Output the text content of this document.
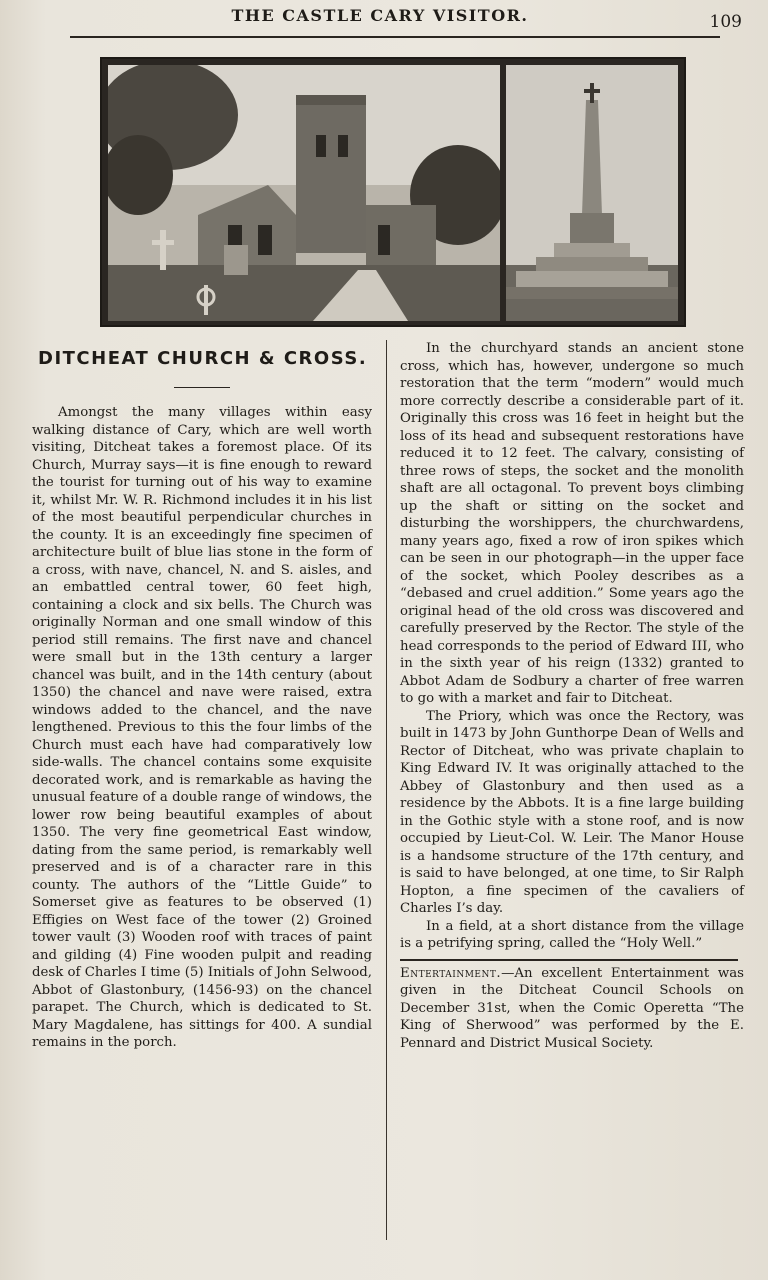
THE CASTLE CARY VISITOR.	109
DITCHEAT CHURCH & CROSS.

Amongst the many villages within easy walking distance of Cary, which are well worth visiting, Ditcheat takes a foremost place. Of its Church, Murray says—it is fine enough to reward the tourist for turning out of his way to examine it, whilst Mr. W. R. Richmond includes it in his list of the most beautiful perpendicular churches in the county. It is an exceedingly fine specimen of architecture built of blue lias stone in the form of a cross, with nave, chancel, N. and S. aisles, and an embattled central tower, 60 feet high, containing a clock and six bells. The Church was originally Norman and one small window of this period still remains. The first nave and chancel were small but in the 13th century a larger chancel was built, and in the 14th century (about 1350) the chancel and nave were raised, extra windows added to the chancel, and the nave lengthened. Previous to this the four limbs of the Church must each have had comparatively low side-walls. The chancel contains some exquisite decorated work, and is remarkable as having the unusual feature of a double range of windows, the lower row being beautiful examples of about 1350. The very fine geometrical East window, dating from the same period, is remarkably well preserved and is of a character rare in this county. The authors of the “Little Guide” to Somerset give as features to be observed (1) Effigies on West face of the tower (2) Groined tower vault (3) Wooden roof with traces of paint and gilding (4) Fine wooden pulpit and reading desk of Charles I time (5) Initials of John Selwood, Abbot of Glastonbury, (1456-93) on the chancel parapet. The Church, which is dedicated to St. Mary Magdalene, has sittings for 400. A sundial remains in the porch.

In the churchyard stands an ancient stone cross, which has, however, undergone so much restoration that the term “modern” would much more correctly describe a considerable part of it. Originally this cross was 16 feet in height but the loss of its head and subsequent restorations have reduced it to 12 feet. The calvary, consisting of three rows of steps, the socket and the monolith shaft are all octagonal. To prevent boys climbing up the shaft or sitting on the socket and disturbing the worshippers, the churchwardens, many years ago, fixed a row of iron spikes which can be seen in our photograph—in the upper face of the socket, which Pooley describes as a “debased and cruel addition.” Some years ago the original head of the old cross was discovered and carefully preserved by the Rector. The style of the head corresponds to the period of Edward III, who in the sixth year of his reign (1332) granted to Abbot Adam de Sodbury a charter of free warren to go with a market and fair to Ditcheat.

The Priory, which was once the Rectory, was built in 1473 by John Gunthorpe Dean of Wells and Rector of Ditcheat, who was private chaplain to King Edward IV. It was originally attached to the Abbey of Glastonbury and then used as a residence by the Abbots. It is a fine large building in the Gothic style with a stone roof, and is now occupied by Lieut-Col. W. Leir. The Manor House is a handsome structure of the 17th century, and is said to have belonged, at one time, to Sir Ralph Hopton, a fine specimen of the cavaliers of Charles I’s day.

In a field, at a short distance from the village is a petrifying spring, called the “Holy Well.”

Entertainment.—An excellent Entertainment was given in the Ditcheat Council Schools on December 31st, when the Comic Operetta “The King of Sherwood” was performed by the E. Pennard and District Musical Society.
